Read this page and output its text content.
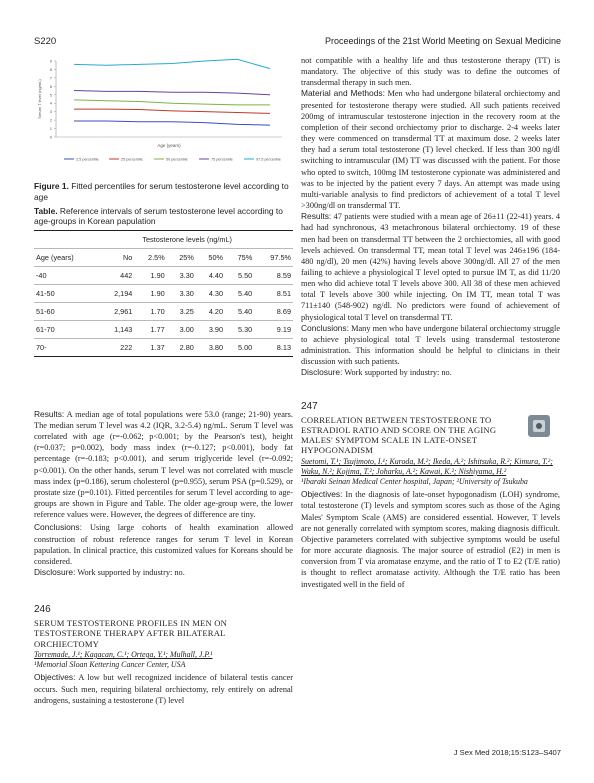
S220	Proceedings of the 21st World Meeting on Sexual Medicine
0
1
2
3
4
5
6
7
8
9
Serum T level (ng/mL)
Age (years)
2.5 percentile	25 percentile	50 percentile	75 percentile	97.5 percentile
Figure 1. Fitted percentiles for serum testosterone level according to age
Table. Reference intervals of serum testosterone level according to age-groups in Korean papulation
		Testosterone levels (ng/mL)				
Age (years)	No	2.5%	25%	50%	75%	97.5%
-40	442	1.90	3.30	4.40	5.50	8.59
41-50	2,194	1.90	3.30	4.30	5.40	8.51
51-60	2,961	1.70	3.25	4.20	5.40	8.69
61-70	1,143	1.77	3.00	3.90	5.30	9.19
70-	222	1.37	2.80	3.80	5.00	8.13

Results: A median age of total populations were 53.0 (range; 21-90) years. The median serum T level was 4.2 (IQR, 3.2-5.4) ng/mL. Serum T level was correlated with age (r=-0.062; p<0.001; by the Pearson's test), height (r=0.037; p=0.002), body mass index (r=-0.127; p<0.001), body fat percentage (r=-0.183; p<0.001), and serum triglyceride level (r=-0.092; p<0.001). On the other hands, serum T level was not correlated with muscle mass index (p=0.186), serum cholesterol (p=0.955), serum PSA (p=0.529), or prostate size (p=0.101). Fitted percentiles for serum T level according to age-groups are shown in Figure and Table. The older age-group were, the lower reference values were. However, the degrees of difference are tiny.

Conclusions: Using large cohorts of health examination allowed construction of robust reference ranges for serum T level in Korean papulation. In clinical practice, this customized values for Koreans should be considered.

Disclosure: Work supported by industry: no.

246

SERUM TESTOSTERONE PROFILES IN MEN ON TESTOSTERONE THERAPY AFTER BILATERAL ORCHIECTOMY

Torremade, J.¹; Kagacan, C.¹; Ortega, Y.¹; Mulhall, J.P.¹

¹Memorial Sloan Kettering Cancer Center, USA

Objectives: A low but well recognized incidence of bilateral testis cancer occurs. Such men, requiring bilateral orchiectomy, rely entirely on adrenal androgens, sustaining a testosterone (T) level

not compatible with a healthy life and thus testosterone therapy (TT) is mandatory. The objective of this study was to define the outcomes of transdermal therapy in such men.

Material and Methods: Men who had undergone bilateral orchiectomy and presented for testosterone therapy were studied. All such patients received 200mg of intramuscular testosterone injection in the recovery room at the completion of their second orchiectomy prior to discharge. 2-4 weeks later they were commenced on transdermal TT at maximum dose. 2 weeks later they had a serum total testosterone (T) level checked. If less than 300 ng/dl switching to intramuscular (IM) TT was discussed with the patient. For those who opted to switch, 100mg IM testosterone cypionate was administered and was to be injected by the patient every 7 days. An attempt was made using multi-variable analysis to find predictors of achievement of a total T level >300ng/dl on transdermal TT.

Results: 47 patients were studied with a mean age of 26±11 (22-41) years. 4 had had synchronous, 43 metachronous bilateral orchiectomy. 19 of these men had been on transdermal TT between the 2 orchiectomies, all with good levels achieved. On transdermal TT, mean total T level was 246±196 (184-480 ng/dl), 20 men (42%) having levels above 300ng/dl. All 27 of the men failing to achieve a physiological T level opted to pursue IM T, as did 11/20 men who did achieve total T levels above 300. All 38 of these men achieved total T levels above 300 while injecting. On IM TT, mean total T was 711±140 (548-902) ng/dl. No predictors were found of achievement of physiological total T level on transdermal TT.

Conclusions: Many men who have undergone bilateral orchiectomy struggle to achieve physiological total T levels using transdermal testosterone administration. This information should be helpful to clinicians in their discussion with such patients.

Disclosure: Work supported by industry: no.

247

CORRELATION BETWEEN TESTOSTERONE TO ESTRADIOL RATIO AND SCORE ON THE AGING MALES' SYMPTOM SCALE IN LATE-ONSET HYPOGONADISM

Suetomi, T.¹; Tsujimoto, I.¹; Kuroda, M.²; Ikeda, A.²; Ishitsuka, R.²; Kimura, T.²; Waku, N.²; Kojima, T.²; Joharku, A.²; Kawai, K.²; Nishiyama, H.²

¹Ibaraki Seinan Medical Center hospital, Japan; ²University of Tsukuba

Objectives: In the diagnosis of late-onset hypogonadism (LOH) syndrome, total testosterone (T) levels and symptom scores such as those of the Aging Males' Symptom Scale (AMS) are considered essential. However, T levels are not generally correlated with symptom scores, making diagnosis difficult. Objective parameters correlated with subjective symptoms would be useful for more accurate diagnosis. The major source of estradiol (E2) in men is conversion from T via aromatase enzyme, and the ratio of T to E2 (T/E ratio) is thought to reflect aromatase activity. Although the T/E ratio has been investigated well in the field of

J Sex Med 2018;15:S123–S407
